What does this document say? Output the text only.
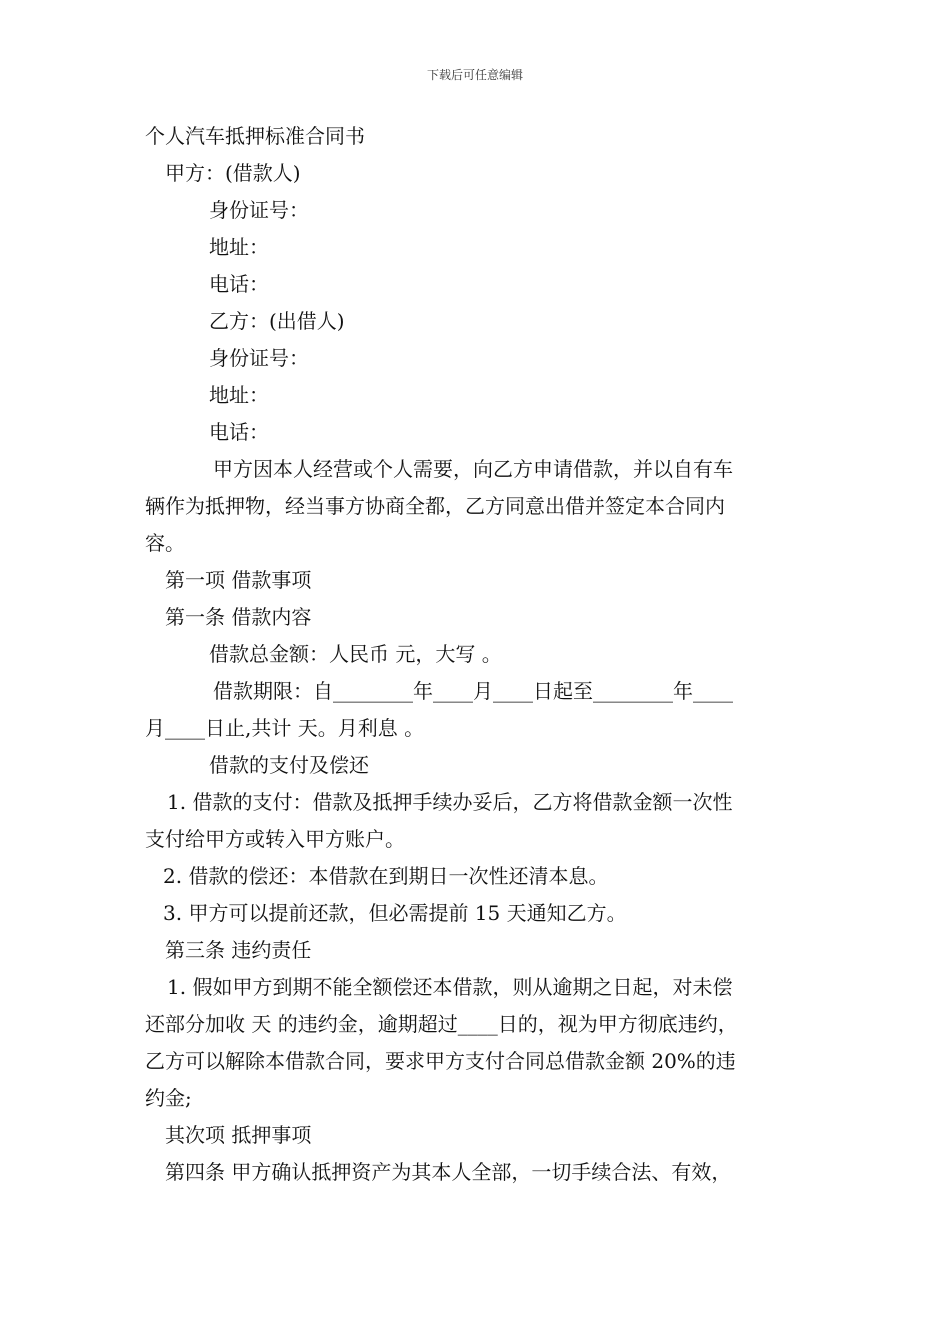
下载后可任意编辑

个人汽车抵押标准合同书

甲方：(借款人)

身份证号：

地址：

电话：

乙方：(出借人)

身份证号：

地址：

电话：

甲方因本人经营或个人需要，向乙方申请借款，并以自有车

辆作为抵押物，经当事方协商全都，乙方同意出借并签定本合同内

容。

第一项 借款事项

第一条 借款内容

借款总金额：人民币 元，大写 。

借款期限：自________年____月____日起至________年____

月____日止,共计 天。月利息 。

借款的支付及偿还

1. 借款的支付：借款及抵押手续办妥后，乙方将借款金额一次性

支付给甲方或转入甲方账户。

2. 借款的偿还：本借款在到期日一次性还清本息。

3. 甲方可以提前还款，但必需提前 15 天通知乙方。

第三条 违约责任

1. 假如甲方到期不能全额偿还本借款，则从逾期之日起，对未偿

还部分加收 天 的违约金，逾期超过____日的，视为甲方彻底违约，

乙方可以解除本借款合同，要求甲方支付合同总借款金额 20%的违

约金;

其次项 抵押事项

第四条 甲方确认抵押资产为其本人全部，一切手续合法、有效，
